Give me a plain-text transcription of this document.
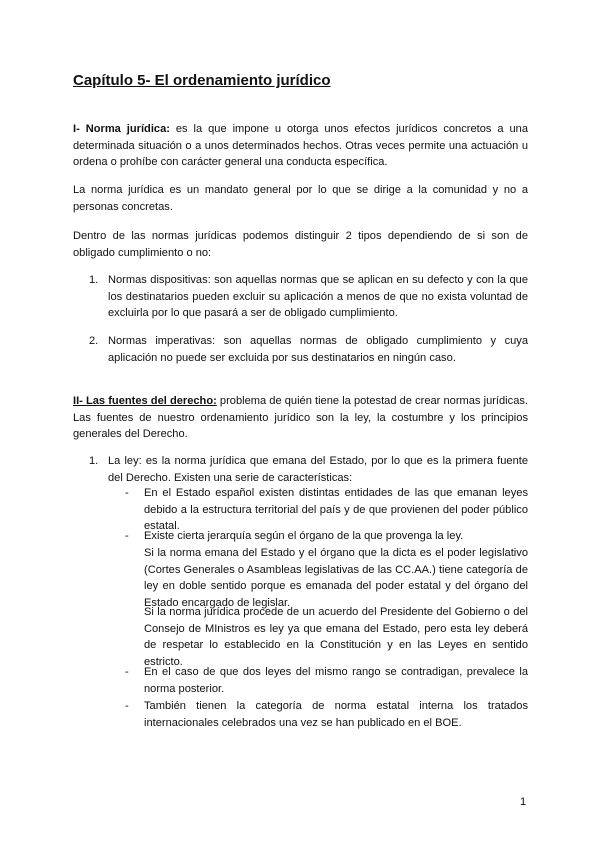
Capítulo 5- El ordenamiento jurídico

I- Norma jurídica: es la que impone u otorga unos efectos jurídicos concretos a una determinada situación o a unos determinados hechos. Otras veces permite una actuación u ordena o prohíbe con carácter general una conducta específica.

La norma jurídica es un mandato general por lo que se dirige a la comunidad y no a personas concretas.

Dentro de las normas jurídicas podemos distinguir 2 tipos dependiendo de si son de obligado cumplimiento o no:

1. Normas dispositivas: son aquellas normas que se aplican en su defecto y con la que los destinatarios pueden excluir su aplicación a menos de que no exista voluntad de excluirla por lo que pasará a ser de obligado cumplimiento.

2. Normas imperativas: son aquellas normas de obligado cumplimiento y cuya aplicación no puede ser excluida por sus destinatarios en ningún caso.

II- Las fuentes del derecho: problema de quién tiene la potestad de crear normas jurídicas. Las fuentes de nuestro ordenamiento jurídico son la ley, la costumbre y los principios generales del Derecho.

1. La ley: es la norma jurídica que emana del Estado, por lo que es la primera fuente del Derecho. Existen una serie de características:

- En el Estado español existen distintas entidades de las que emanan leyes debido a la estructura territorial del país y de que provienen del poder público estatal.

- Existe cierta jerarquía según el órgano de la que provenga la ley.

Si la norma emana del Estado y el órgano que la dicta es el poder legislativo (Cortes Generales o Asambleas legislativas de las CC.AA.) tiene categoría de ley en doble sentido porque es emanada del poder estatal y del órgano del Estado encargado de legislar.

Si la norma jurídica procede de un acuerdo del Presidente del Gobierno o del Consejo de MInistros es ley ya que emana del Estado, pero esta ley deberá de respetar lo establecido en la Constitución y en las Leyes en sentido estricto.

- En el caso de que dos leyes del mismo rango se contradigan, prevalece la norma posterior.

- También tienen la categoría de norma estatal interna los tratados internacionales celebrados una vez se han publicado en el BOE.

1
